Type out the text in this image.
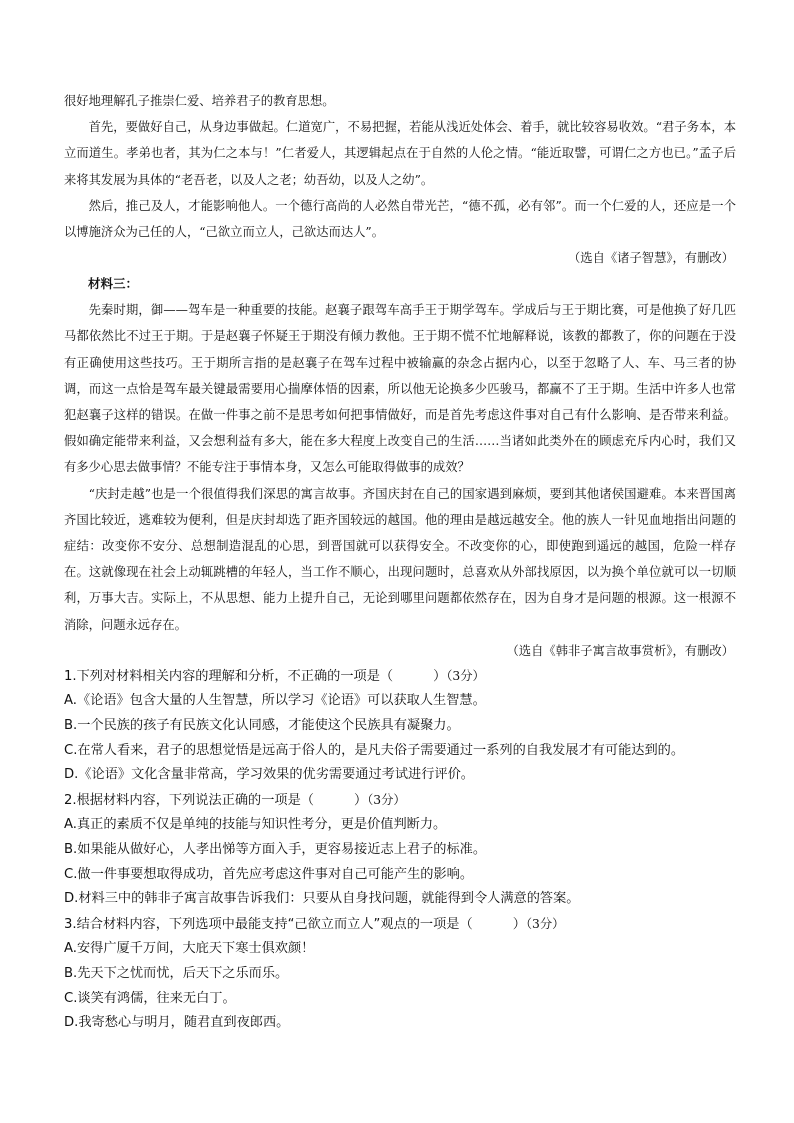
很好地理解孔子推崇仁爱、培养君子的教育思想。

首先，要做好自己，从身边事做起。仁道宽广，不易把握，若能从浅近处体会、着手，就比较容易收效。“君子务本，本立而道生。孝弟也者，其为仁之本与！”仁者爱人，其逻辑起点在于自然的人伦之情。“能近取譬，可谓仁之方也已。”孟子后来将其发展为具体的“老吾老，以及人之老；幼吾幼，以及人之幼”。

然后，推己及人，才能影响他人。一个德行高尚的人必然自带光芒，“德不孤，必有邻”。而一个仁爱的人，还应是一个以博施济众为己任的人，“己欲立而立人，己欲达而达人”。

（选自《诸子智慧》，有删改）

材料三：

先秦时期，御——驾车是一种重要的技能。赵襄子跟驾车高手王于期学驾车。学成后与王于期比赛，可是他换了好几匹马都依然比不过王于期。于是赵襄子怀疑王于期没有倾力教他。王于期不慌不忙地解释说，该教的都教了，你的问题在于没有正确使用这些技巧。王于期所言指的是赵襄子在驾车过程中被输赢的杂念占据内心，以至于忽略了人、车、马三者的协调，而这一点恰是驾车最关键最需要用心揣摩体悟的因素，所以他无论换多少匹骏马，都赢不了王于期。生活中许多人也常犯赵襄子这样的错误。在做一件事之前不是思考如何把事情做好，而是首先考虑这件事对自己有什么影响、是否带来利益。假如确定能带来利益，又会想利益有多大，能在多大程度上改变自己的生活……当诸如此类外在的顾虑充斥内心时，我们又有多少心思去做事情？不能专注于事情本身，又怎么可能取得做事的成效？

“庆封走越”也是一个很值得我们深思的寓言故事。齐国庆封在自己的国家遇到麻烦，要到其他诸侯国避难。本来晋国离齐国比较近，逃难较为便利，但是庆封却选了距齐国较远的越国。他的理由是越远越安全。他的族人一针见血地指出问题的症结：改变你不安分、总想制造混乱的心思，到晋国就可以获得安全。不改变你的心，即使跑到遥远的越国，危险一样存在。这就像现在社会上动辄跳槽的年轻人，当工作不顺心，出现问题时，总喜欢从外部找原因，以为换个单位就可以一切顺利，万事大吉。实际上，不从思想、能力上提升自己，无论到哪里问题都依然存在，因为自身才是问题的根源。这一根源不消除，问题永远存在。

（选自《韩非子寓言故事赏析》，有删改）

1.下列对材料相关内容的理解和分析，不正确的一项是（	）（3分）

A.《论语》包含大量的人生智慧，所以学习《论语》可以获取人生智慧。

B.一个民族的孩子有民族文化认同感，才能使这个民族具有凝聚力。

C.在常人看来，君子的思想觉悟是远高于俗人的，是凡夫俗子需要通过一系列的自我发展才有可能达到的。

D.《论语》文化含量非常高，学习效果的优劣需要通过考试进行评价。

2.根据材料内容，下列说法正确的一项是（	）（3分）

A.真正的素质不仅是单纯的技能与知识性考分，更是价值判断力。

B.如果能从做好心，人孝出悌等方面入手，更容易接近志上君子的标准。

C.做一件事要想取得成功，首先应考虑这件事对自己可能产生的影响。

D.材料三中的韩非子寓言故事告诉我们：只要从自身找问题，就能得到令人满意的答案。

3.结合材料内容，下列选项中最能支持“己欲立而立人”观点的一项是（	）（3分）

A.安得广厦千万间，大庇天下寒士俱欢颜！

B.先天下之忧而忧，后天下之乐而乐。

C.谈笑有鸿儒，往来无白丁。

D.我寄愁心与明月，随君直到夜郎西。
